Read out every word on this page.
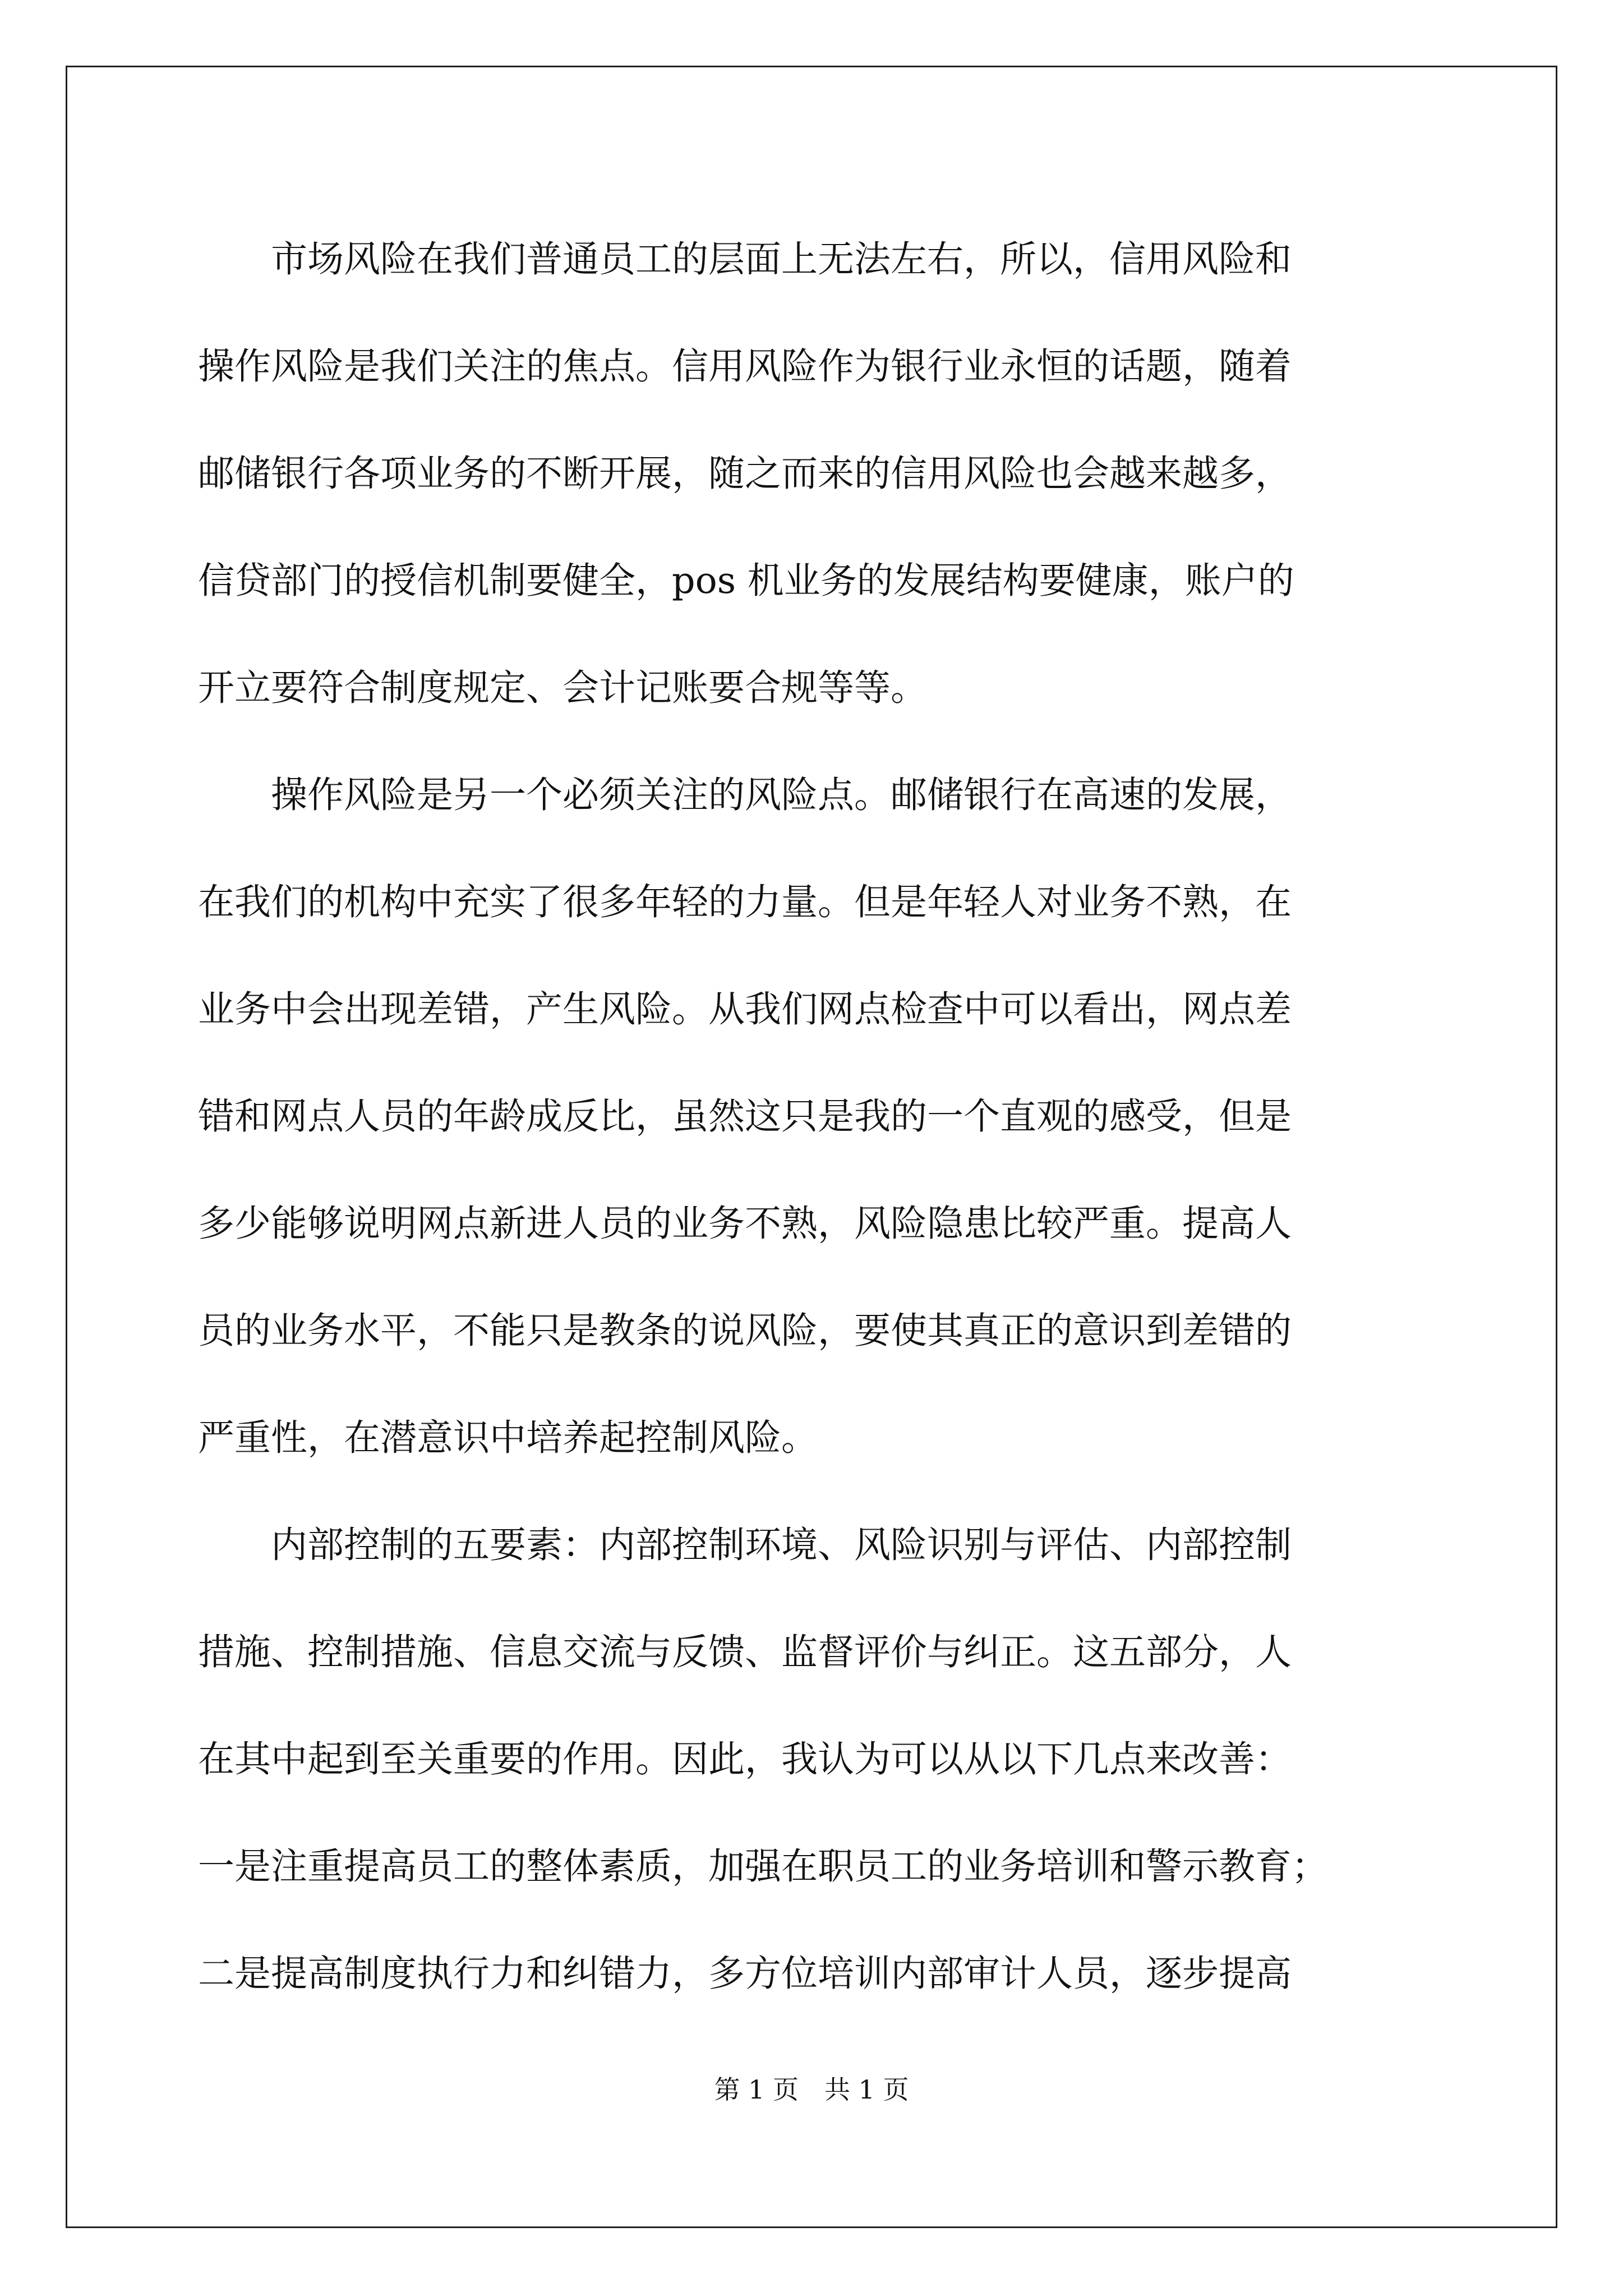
　　市场风险在我们普通员工的层面上无法左右，所以，信用风险和
操作风险是我们关注的焦点。信用风险作为银行业永恒的话题，随着
邮储银行各项业务的不断开展，随之而来的信用风险也会越来越多，
信贷部门的授信机制要健全，pos 机业务的发展结构要健康，账户的
开立要符合制度规定、会计记账要合规等等。
　　操作风险是另一个必须关注的风险点。邮储银行在高速的发展，
在我们的机构中充实了很多年轻的力量。但是年轻人对业务不熟，在
业务中会出现差错，产生风险。从我们网点检查中可以看出，网点差
错和网点人员的年龄成反比，虽然这只是我的一个直观的感受，但是
多少能够说明网点新进人员的业务不熟，风险隐患比较严重。提高人
员的业务水平，不能只是教条的说风险，要使其真正的意识到差错的
严重性，在潜意识中培养起控制风险。
　　内部控制的五要素：内部控制环境、风险识别与评估、内部控制
措施、控制措施、信息交流与反馈、监督评价与纠正。这五部分，人
在其中起到至关重要的作用。因此，我认为可以从以下几点来改善：
一是注重提高员工的整体素质，加强在职员工的业务培训和警示教育；
二是提高制度执行力和纠错力，多方位培训内部审计人员，逐步提高
第 1 页　共 1 页
